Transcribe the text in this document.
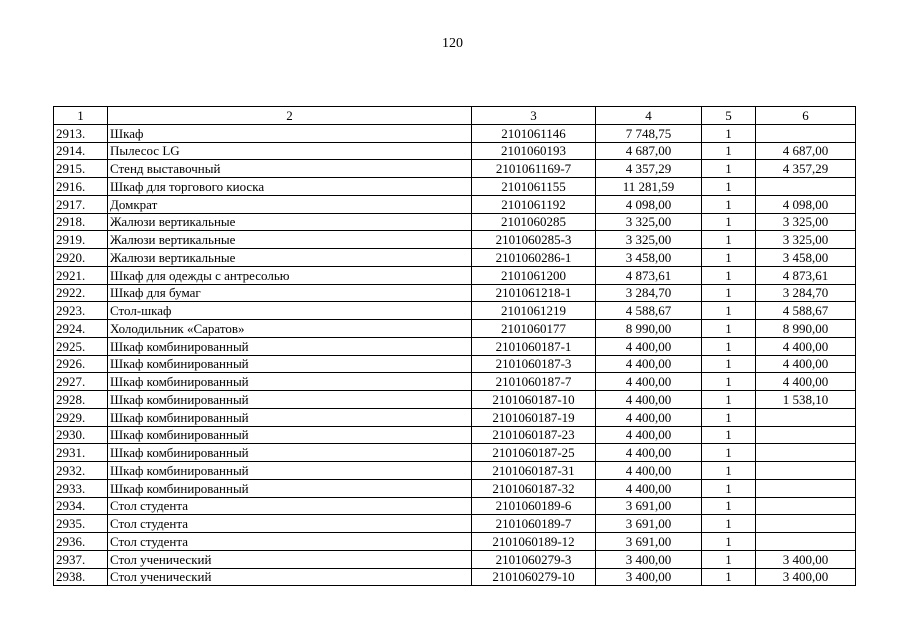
120
1	2	3	4	5	6
2913.	Шкаф	2101061146	7 748,75	1	
2914.	Пылесос LG	2101060193	4 687,00	1	4 687,00
2915.	Стенд выставочный	2101061169-7	4 357,29	1	4 357,29
2916.	Шкаф для торгового киоска	2101061155	11 281,59	1	
2917.	Домкрат	2101061192	4 098,00	1	4 098,00
2918.	Жалюзи вертикальные	2101060285	3 325,00	1	3 325,00
2919.	Жалюзи вертикальные	2101060285-3	3 325,00	1	3 325,00
2920.	Жалюзи вертикальные	2101060286-1	3 458,00	1	3 458,00
2921.	Шкаф для одежды с антресолью	2101061200	4 873,61	1	4 873,61
2922.	Шкаф для бумаг	2101061218-1	3 284,70	1	3 284,70
2923.	Стол-шкаф	2101061219	4 588,67	1	4 588,67
2924.	Холодильник «Саратов»	2101060177	8 990,00	1	8 990,00
2925.	Шкаф комбинированный	2101060187-1	4 400,00	1	4 400,00
2926.	Шкаф комбинированный	2101060187-3	4 400,00	1	4 400,00
2927.	Шкаф комбинированный	2101060187-7	4 400,00	1	4 400,00
2928.	Шкаф комбинированный	2101060187-10	4 400,00	1	1 538,10
2929.	Шкаф комбинированный	2101060187-19	4 400,00	1	
2930.	Шкаф комбинированный	2101060187-23	4 400,00	1	
2931.	Шкаф комбинированный	2101060187-25	4 400,00	1	
2932.	Шкаф комбинированный	2101060187-31	4 400,00	1	
2933.	Шкаф комбинированный	2101060187-32	4 400,00	1	
2934.	Стол студента	2101060189-6	3 691,00	1	
2935.	Стол студента	2101060189-7	3 691,00	1	
2936.	Стол студента	2101060189-12	3 691,00	1	
2937.	Стол ученический	2101060279-3	3 400,00	1	3 400,00
2938.	Стол ученический	2101060279-10	3 400,00	1	3 400,00
